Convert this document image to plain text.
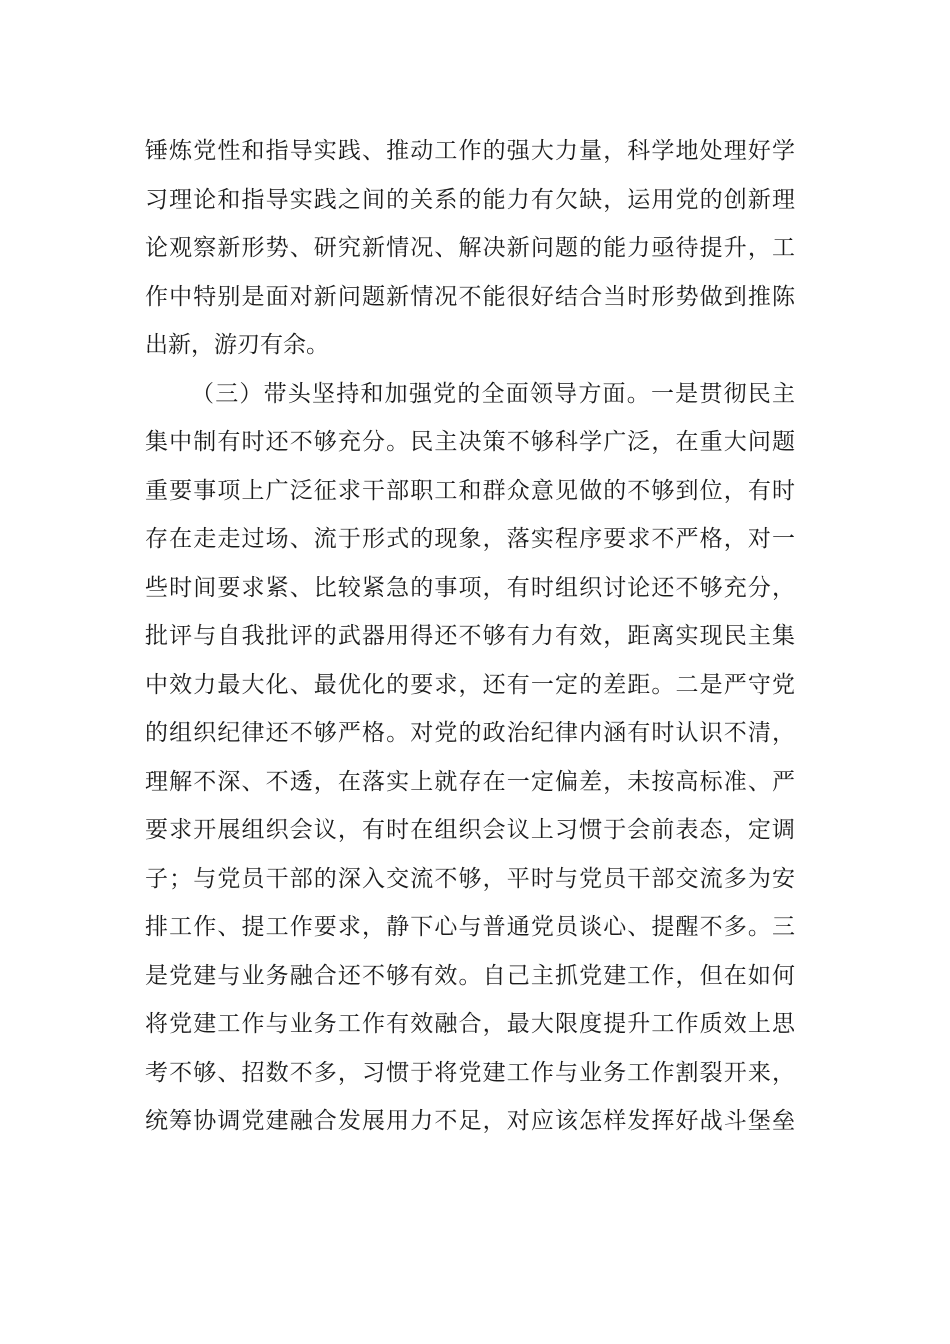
锤炼党性和指导实践、推动工作的强大力量，科学地处理好学
习理论和指导实践之间的关系的能力有欠缺，运用党的创新理
论观察新形势、研究新情况、解决新问题的能力亟待提升，工
作中特别是面对新问题新情况不能很好结合当时形势做到推陈
出新，游刃有余。
（三）带头坚持和加强党的全面领导方面。一是贯彻民主
集中制有时还不够充分。民主决策不够科学广泛，在重大问题
重要事项上广泛征求干部职工和群众意见做的不够到位，有时
存在走走过场、流于形式的现象，落实程序要求不严格，对一
些时间要求紧、比较紧急的事项，有时组织讨论还不够充分，
批评与自我批评的武器用得还不够有力有效，距离实现民主集
中效力最大化、最优化的要求，还有一定的差距。二是严守党
的组织纪律还不够严格。对党的政治纪律内涵有时认识不清，
理解不深、不透，在落实上就存在一定偏差，未按高标准、严
要求开展组织会议，有时在组织会议上习惯于会前表态，定调
子；与党员干部的深入交流不够，平时与党员干部交流多为安
排工作、提工作要求，静下心与普通党员谈心、提醒不多。三
是党建与业务融合还不够有效。自己主抓党建工作，但在如何
将党建工作与业务工作有效融合，最大限度提升工作质效上思
考不够、招数不多，习惯于将党建工作与业务工作割裂开来，
统筹协调党建融合发展用力不足，对应该怎样发挥好战斗堡垒
